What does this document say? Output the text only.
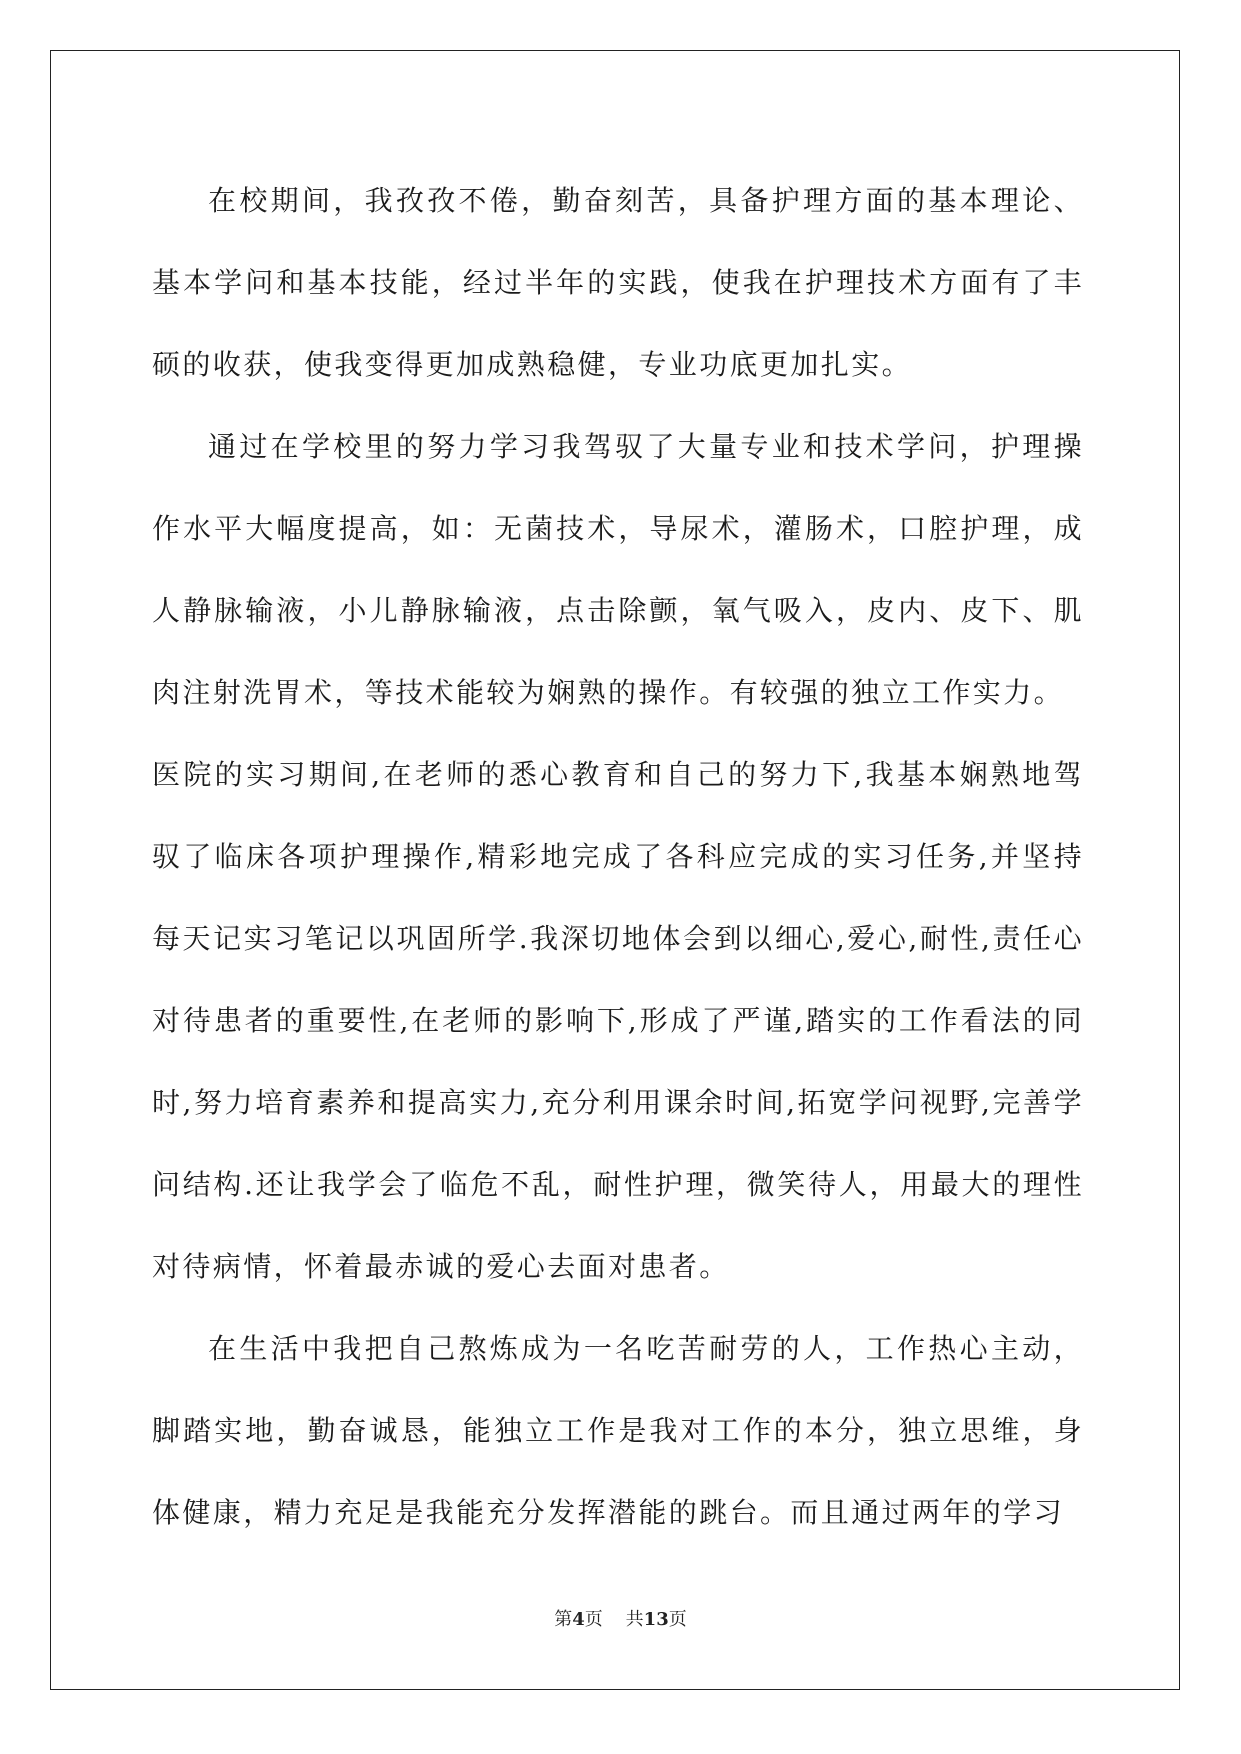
在校期间，我孜孜不倦，勤奋刻苦，具备护理方面的基本理论、基本学问和基本技能，经过半年的实践，使我在护理技术方面有了丰硕的收获，使我变得更加成熟稳健，专业功底更加扎实。

通过在学校里的努力学习我驾驭了大量专业和技术学问，护理操作水平大幅度提高，如：无菌技术，导尿术，灌肠术，口腔护理，成人静脉输液，小儿静脉输液，点击除颤，氧气吸入，皮内、皮下、肌肉注射洗胃术，等技术能较为娴熟的操作。有较强的独立工作实力。

医院的实习期间,在老师的悉心教育和自己的努力下,我基本娴熟地驾驭了临床各项护理操作,精彩地完成了各科应完成的实习任务,并坚持每天记实习笔记以巩固所学.我深切地体会到以细心,爱心,耐性,责任心对待患者的重要性,在老师的影响下,形成了严谨,踏实的工作看法的同时,努力培育素养和提高实力,充分利用课余时间,拓宽学问视野,完善学问结构.还让我学会了临危不乱，耐性护理，微笑待人，用最大的理性对待病情，怀着最赤诚的爱心去面对患者。

在生活中我把自己熬炼成为一名吃苦耐劳的人，工作热心主动，脚踏实地，勤奋诚恳，能独立工作是我对工作的本分，独立思维，身体健康，精力充足是我能充分发挥潜能的跳台。而且通过两年的学习

第4页 共13页
